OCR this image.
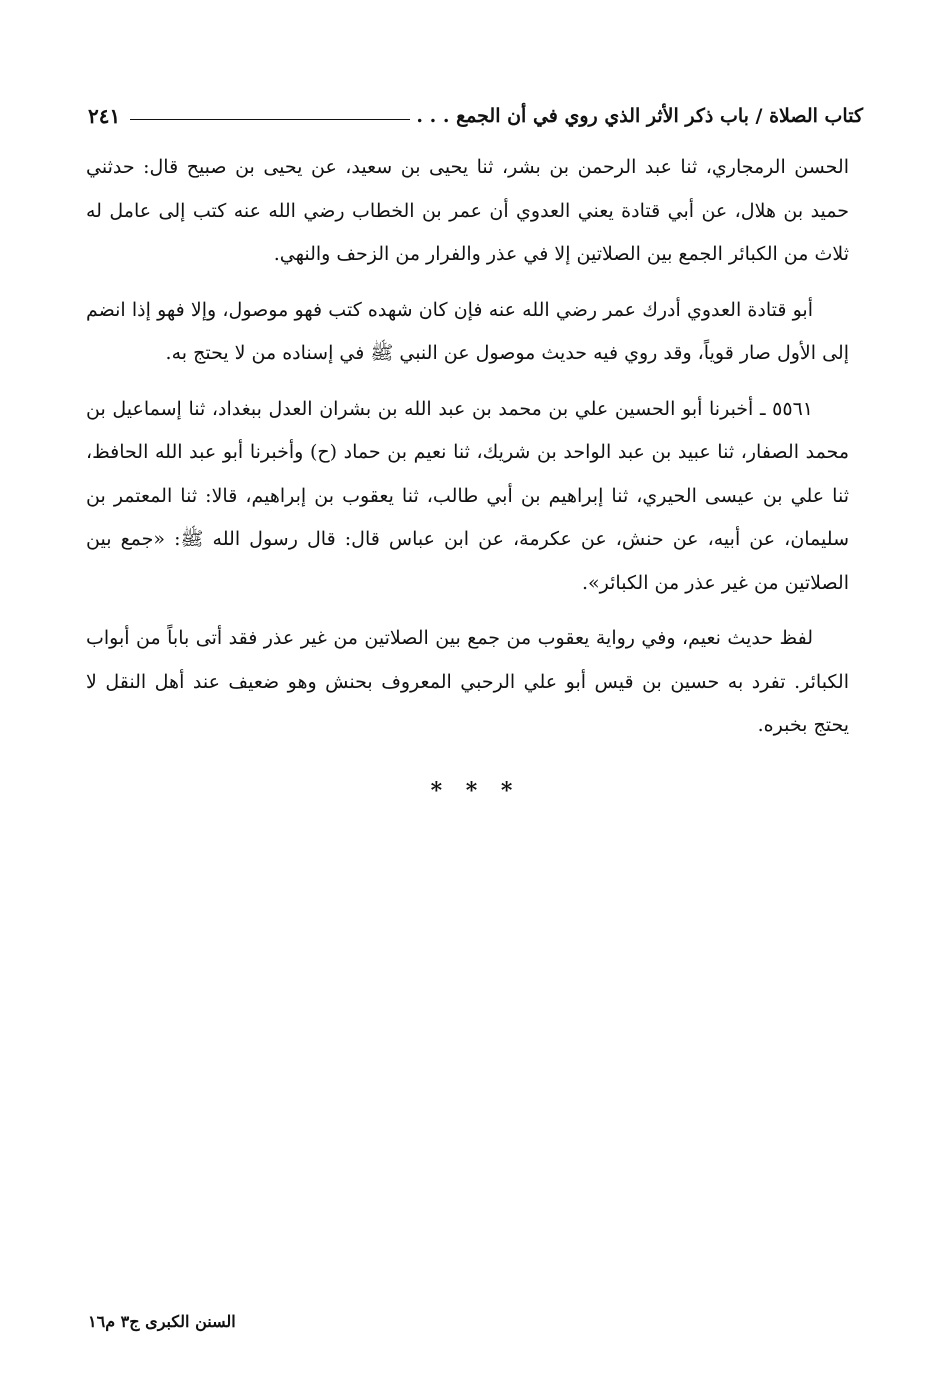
كتاب الصلاة / باب ذكر الأثر الذي روي في أن الجمع . . .
٢٤١

الحسن الرمجاري، ثنا عبد الرحمن بن بشر، ثنا يحيى بن سعيد، عن يحيى بن صبيح قال: حدثني حميد بن هلال، عن أبي قتادة يعني العدوي أن عمر بن الخطاب رضي الله عنه كتب إلى عامل له ثلاث من الكبائر الجمع بين الصلاتين إلا في عذر والفرار من الزحف والنهي.

أبو قتادة العدوي أدرك عمر رضي الله عنه فإن كان شهده كتب فهو موصول، وإلا فهو إذا انضم إلى الأول صار قوياً، وقد روي فيه حديث موصول عن النبي ﷺ في إسناده من لا يحتج به.

٥٥٦١ ـ أخبرنا أبو الحسين علي بن محمد بن عبد الله بن بشران العدل ببغداد، ثنا إسماعيل بن محمد الصفار، ثنا عبيد بن عبد الواحد بن شريك، ثنا نعيم بن حماد (ح) وأخبرنا أبو عبد الله الحافظ، ثنا علي بن عيسى الحيري، ثنا إبراهيم بن أبي طالب، ثنا يعقوب بن إبراهيم، قالا: ثنا المعتمر بن سليمان، عن أبيه، عن حنش، عن عكرمة، عن ابن عباس قال: قال رسول الله ﷺ: «جمع بين الصلاتين من غير عذر من الكبائر».

لفظ حديث نعيم، وفي رواية يعقوب من جمع بين الصلاتين من غير عذر فقد أتى باباً من أبواب الكبائر. تفرد به حسين بن قيس أبو علي الرحبي المعروف بحنش وهو ضعيف عند أهل النقل لا يحتج بخبره.

* * *
السنن الكبرى ج٣ م١٦
